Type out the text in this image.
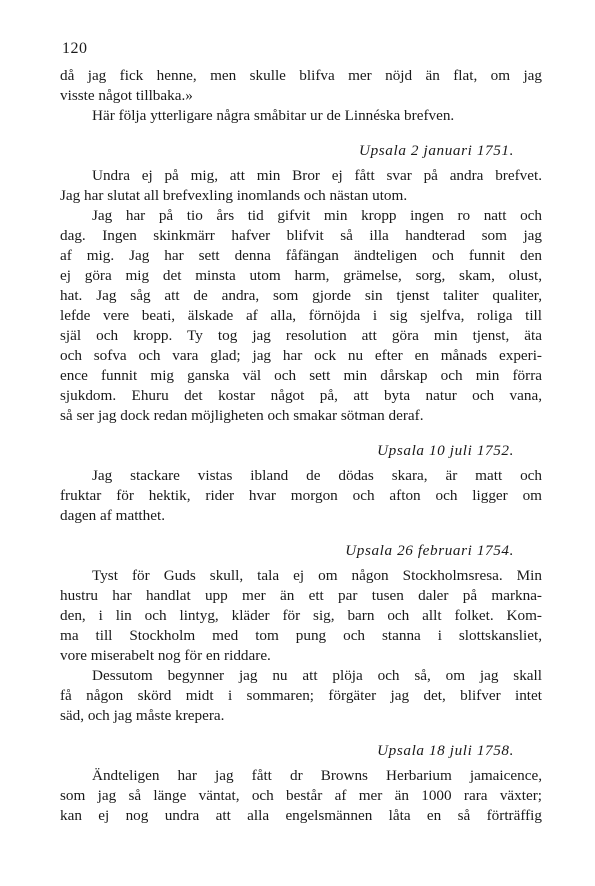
120
då jag fick henne, men skulle blifva mer nöjd än flat, om jag
visste något tillbaka.»
Här följa ytterligare några småbitar ur de Linnéska brefven.
Upsala 2 januari 1751.
Undra ej på mig, att min Bror ej fått svar på andra brefvet.
Jag har slutat all brefvexling inomlands och nästan utom.
Jag har på tio års tid gifvit min kropp ingen ro natt och
dag. Ingen skinkmärr hafver blifvit så illa handterad som jag
af mig. Jag har sett denna fåfängan ändteligen och funnit den
ej göra mig det minsta utom harm, grämelse, sorg, skam, olust,
hat. Jag såg att de andra, som gjorde sin tjenst taliter qualiter,
lefde vere beati, älskade af alla, förnöjda i sig sjelfva, roliga till
själ och kropp. Ty tog jag resolution att göra min tjenst, äta
och sofva och vara glad; jag har ock nu efter en månads experi-
ence funnit mig ganska väl och sett min dårskap och min förra
sjukdom. Ehuru det kostar något på, att byta natur och vana,
så ser jag dock redan möjligheten och smakar sötman deraf.
Upsala 10 juli 1752.
Jag stackare vistas ibland de dödas skara, är matt och
fruktar för hektik, rider hvar morgon och afton och ligger om
dagen af matthet.
Upsala 26 februari 1754.
Tyst för Guds skull, tala ej om någon Stockholmsresa. Min
hustru har handlat upp mer än ett par tusen daler på markna-
den, i lin och lintyg, kläder för sig, barn och allt folket. Kom-
ma till Stockholm med tom pung och stanna i slottskansliet,
vore miserabelt nog för en riddare.
Dessutom begynner jag nu att plöja och så, om jag skall
få någon skörd midt i sommaren; förgäter jag det, blifver intet
säd, och jag måste krepera.
Upsala 18 juli 1758.
Ändteligen har jag fått dr Browns Herbarium jamaicence,
som jag så länge väntat, och består af mer än 1000 rara växter;
kan ej nog undra att alla engelsmännen låta en så förträffig
